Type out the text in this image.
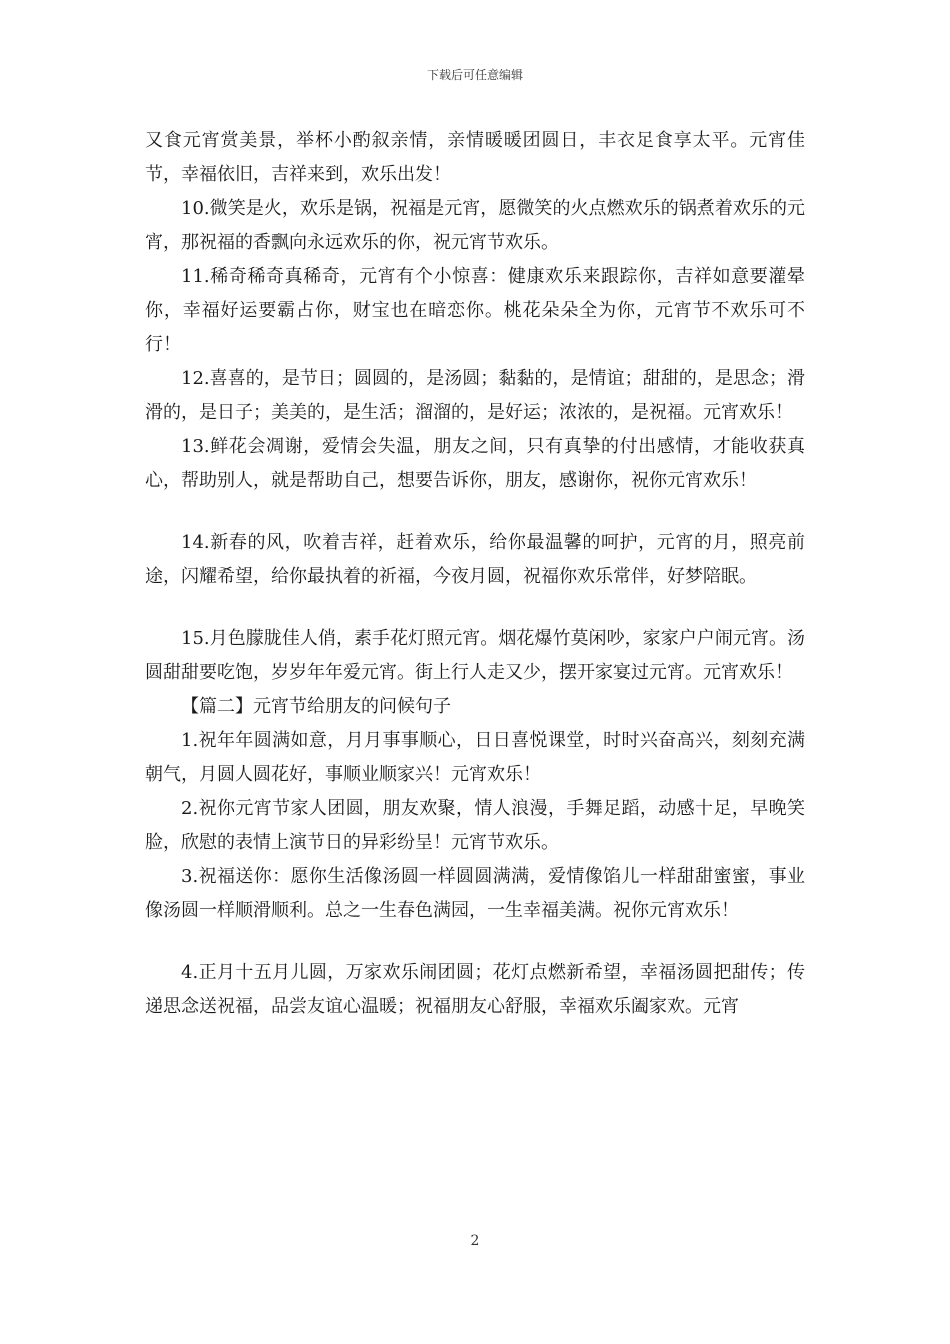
下载后可任意编辑

又食元宵赏美景，举杯小酌叙亲情，亲情暖暖团圆日，丰衣足食享太平。元宵佳节，幸福依旧，吉祥来到，欢乐出发！

10.微笑是火，欢乐是锅，祝福是元宵，愿微笑的火点燃欢乐的锅煮着欢乐的元宵，那祝福的香飘向永远欢乐的你，祝元宵节欢乐。

11.稀奇稀奇真稀奇，元宵有个小惊喜：健康欢乐来跟踪你，吉祥如意要灌晕你，幸福好运要霸占你，财宝也在暗恋你。桃花朵朵全为你，元宵节不欢乐可不行！

12.喜喜的，是节日；圆圆的，是汤圆；黏黏的，是情谊；甜甜的，是思念；滑滑的，是日子；美美的，是生活；溜溜的，是好运；浓浓的，是祝福。元宵欢乐！

13.鲜花会凋谢，爱情会失温，朋友之间，只有真挚的付出感情，才能收获真心，帮助别人，就是帮助自己，想要告诉你，朋友，感谢你，祝你元宵欢乐！

14.新春的风，吹着吉祥，赶着欢乐，给你最温馨的呵护，元宵的月，照亮前途，闪耀希望，给你最执着的祈福，今夜月圆，祝福你欢乐常伴，好梦陪眠。

15.月色朦胧佳人俏，素手花灯照元宵。烟花爆竹莫闲吵，家家户户闹元宵。汤圆甜甜要吃饱，岁岁年年爱元宵。街上行人走又少，摆开家宴过元宵。元宵欢乐！

【篇二】元宵节给朋友的问候句子

1.祝年年圆满如意，月月事事顺心，日日喜悦课堂，时时兴奋高兴，刻刻充满朝气，月圆人圆花好，事顺业顺家兴！元宵欢乐！

2.祝你元宵节家人团圆，朋友欢聚，情人浪漫，手舞足蹈，动感十足，早晚笑脸，欣慰的表情上演节日的异彩纷呈！元宵节欢乐。

3.祝福送你：愿你生活像汤圆一样圆圆满满，爱情像馅儿一样甜甜蜜蜜，事业像汤圆一样顺滑顺利。总之一生春色满园，一生幸福美满。祝你元宵欢乐！

4.正月十五月儿圆，万家欢乐闹团圆；花灯点燃新希望，幸福汤圆把甜传；传递思念送祝福，品尝友谊心温暖；祝福朋友心舒服，幸福欢乐阖家欢。元宵

2
